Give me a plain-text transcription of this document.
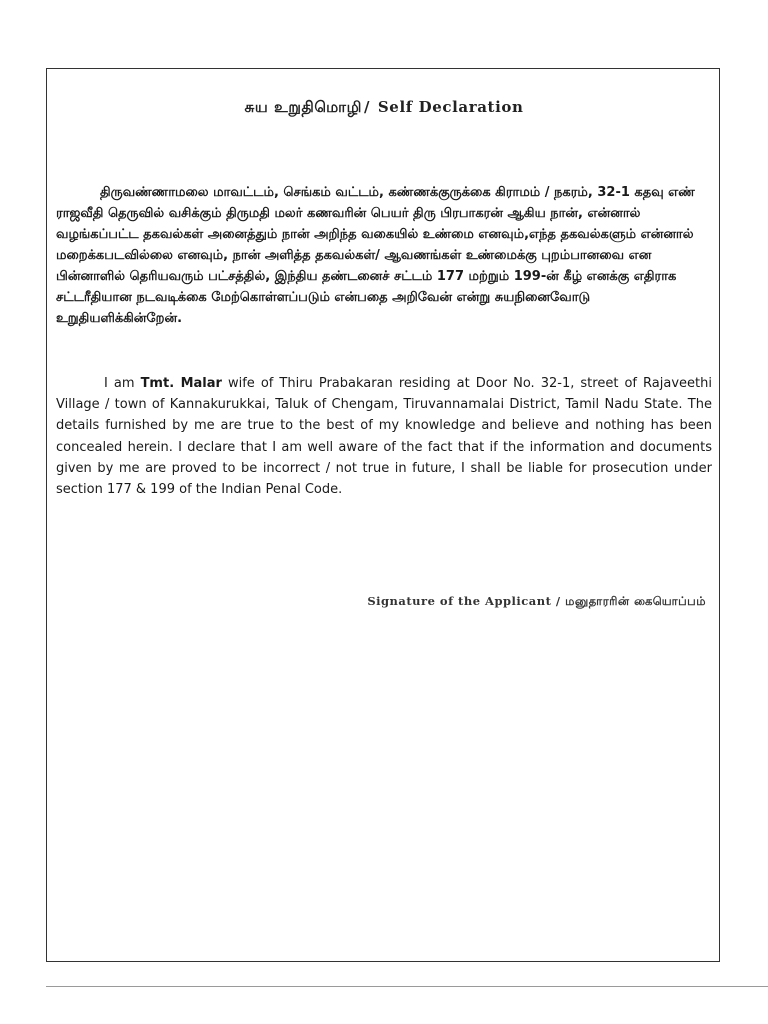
சுய உறுதிமொழி / Self Declaration

திருவண்ணாமலை மாவட்டம், செங்கம் வட்டம், கண்ணக்குருக்கை கிராமம் / நகரம், 32-1 கதவு எண் ராஜவீதி தெருவில் வசிக்கும் திருமதி மலர் கணவரின் பெயர் திரு பிரபாகரன் ஆகிய நான், என்னால் வழங்கப்பட்ட தகவல்கள் அனைத்தும் நான் அறிந்த வகையில் உண்மை எனவும்,எந்த தகவல்களும் என்னால் மறைக்கபடவில்லை எனவும், நான் அளித்த தகவல்கள்/ ஆவணங்கள் உண்மைக்கு புறம்பானவை என பின்னாளில் தெரியவரும் பட்சத்தில், இந்திய தண்டனைச் சட்டம் 177 மற்றும் 199-ன் கீழ் எனக்கு எதிராக சட்டரீதியான நடவடிக்கை மேற்கொள்ளப்படும் என்பதை அறிவேன் என்று சுயநினைவோடு உறுதியளிக்கின்றேன்.

I am Tmt. Malar wife of Thiru Prabakaran residing at Door No. 32-1, street of Rajaveethi Village / town of Kannakurukkai, Taluk of Chengam, Tiruvannamalai District, Tamil Nadu State. The details furnished by me are true to the best of my knowledge and believe and nothing has been concealed herein. I declare that I am well aware of the fact that if the information and documents given by me are proved to be incorrect / not true in future, I shall be liable for prosecution under section 177 & 199 of the Indian Penal Code.

Signature of the Applicant / மனுதாரரின் கையொப்பம்
